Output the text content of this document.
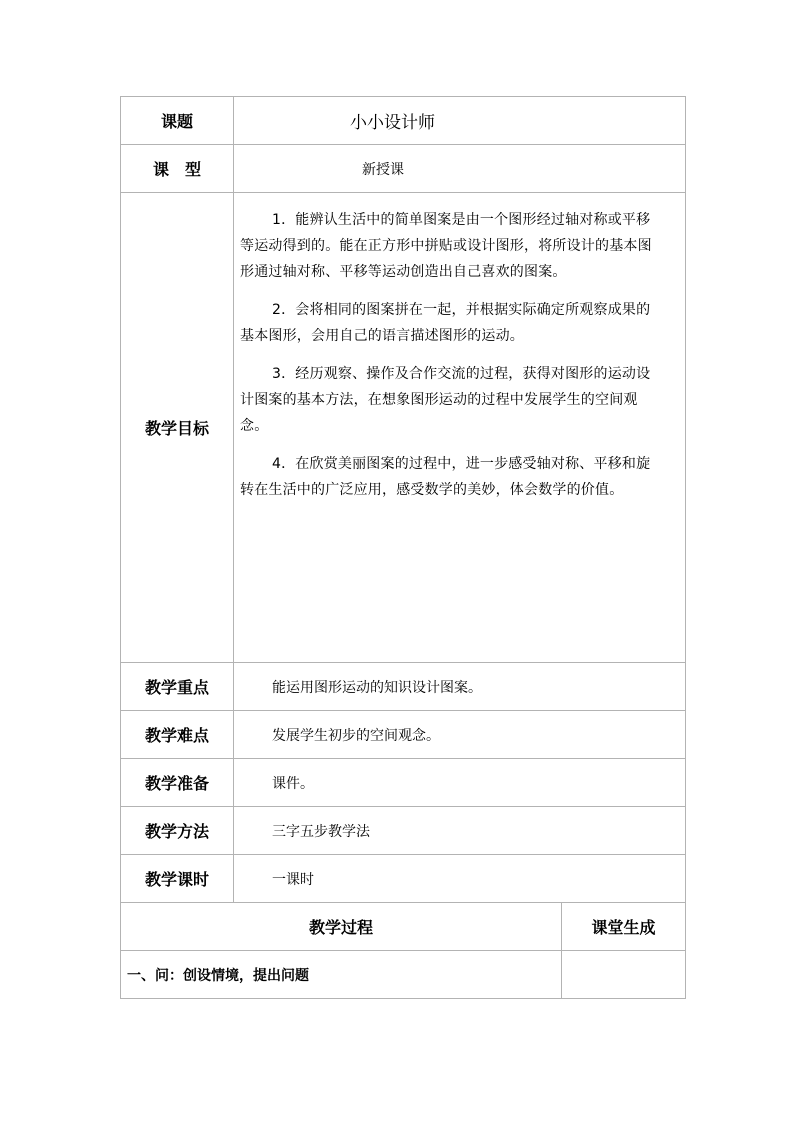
课题	小小设计师	
课　型	新授课	
教学目标	1．能辨认生活中的简单图案是由一个图形经过轴对称或平移等运动得到的。能在正方形中拼贴或设计图形，将所设计的基本图形通过轴对称、平移等运动创造出自己喜欢的图案。

2．会将相同的图案拼在一起，并根据实际确定所观察成果的基本图形，会用自己的语言描述图形的运动。

3．经历观察、操作及合作交流的过程，获得对图形的运动设计图案的基本方法，在想象图形运动的过程中发展学生的空间观念。

4．在欣赏美丽图案的过程中，进一步感受轴对称、平移和旋转在生活中的广泛应用，感受数学的美妙，体会数学的价值。	

教学重点	能运用图形运动的知识设计图案。	
教学难点	发展学生初步的空间观念。	
教学准备	课件。	
教学方法	三字五步教学法	
教学课时	一课时	
教学过程		课堂生成
一、问：创设情境，提出问题		
